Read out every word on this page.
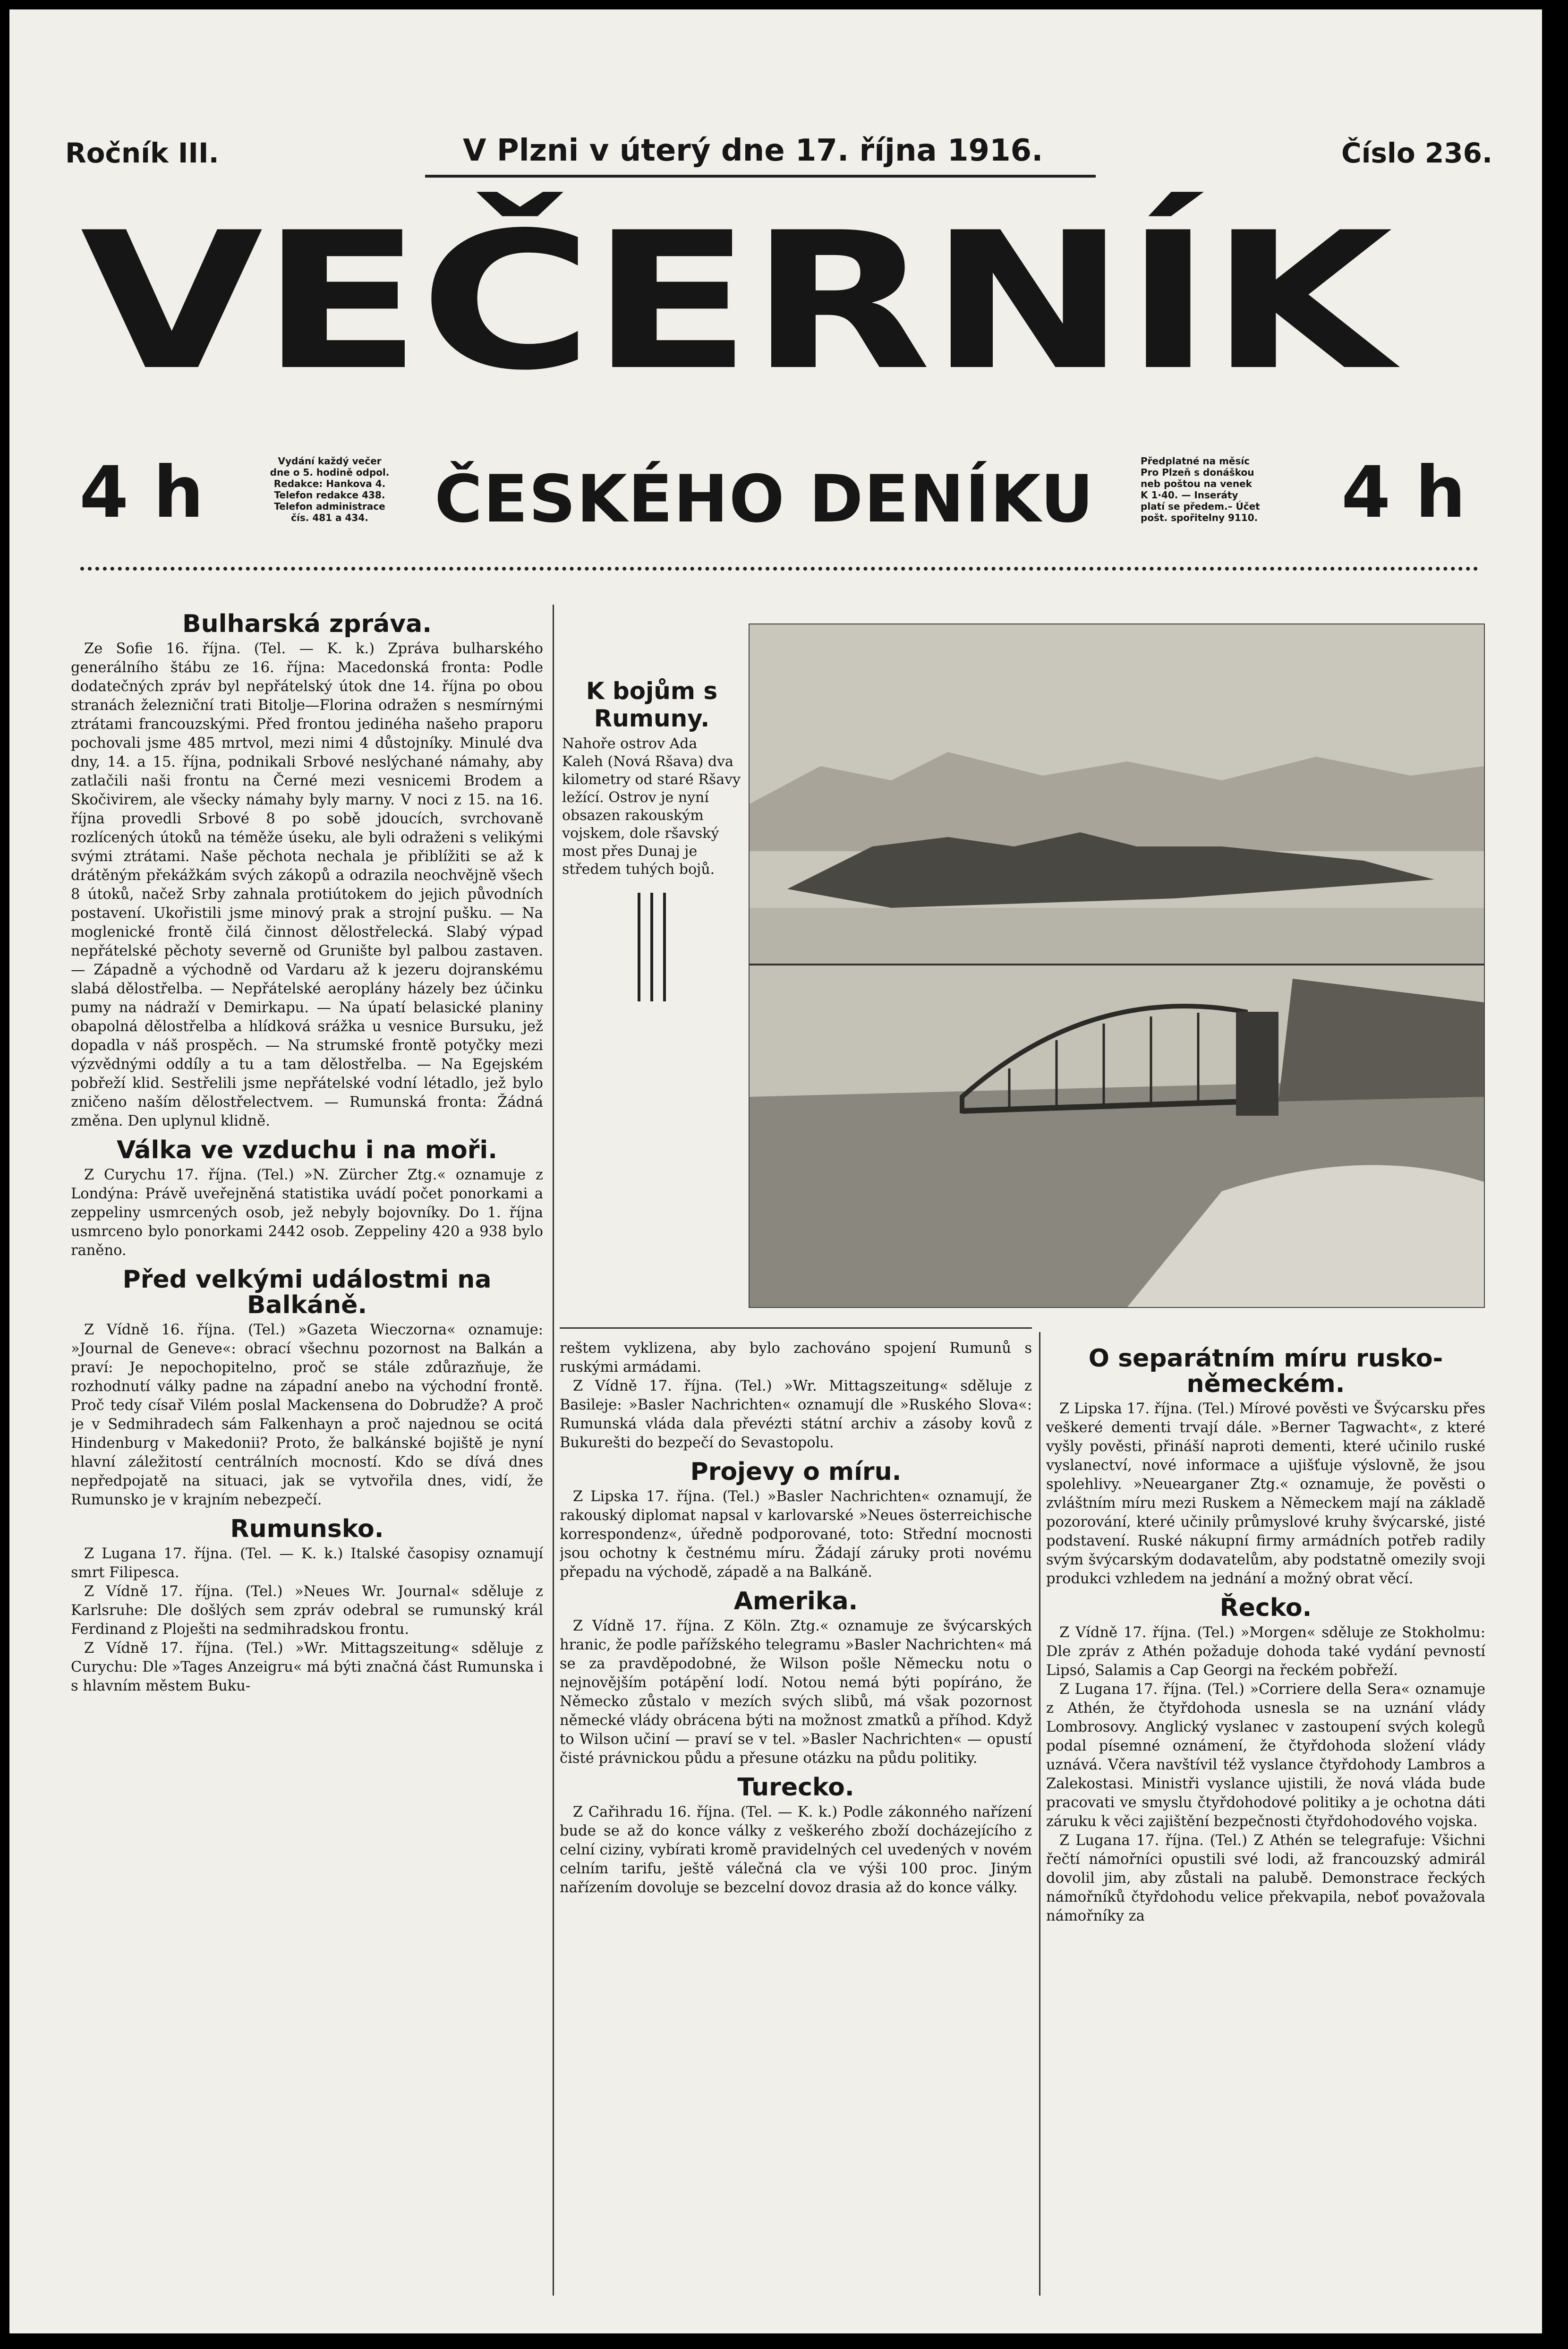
Ročník III.	V Plzni v úterý dne 17. října 1916.	Číslo 236.
VEČERNÍK
4 h	Vydání každý večer
dne o 5. hodině odpol.
Redakce: Hankova 4.
Telefon redakce 438.
Telefon administrace
čís. 481 a 434.	ČESKÉHO DENÍKU	Předplatné na měsíc
Pro Plzeň s donáškou
neb poštou na venek
K 1·40. — Inseráty
platí se předem.– Účet
pošt. spořitelny 9110.	4 h
Bulharská zpráva.

Ze Sofie 16. října. (Tel. — K. k.) Zpráva bulharského generálního štábu ze 16. října: Macedonská fronta: Podle dodatečných zpráv byl nepřátelský útok dne 14. října po obou stranách železniční trati Bitolje—Florina odražen s nesmírnými ztrátami francouzskými. Před frontou jedinéha našeho praporu pochovali jsme 485 mrtvol, mezi nimi 4 důstojníky. Minulé dva dny, 14. a 15. října, podnikali Srbové neslýchané námahy, aby zatlačili naši frontu na Černé mezi vesnicemi Brodem a Skočivirem, ale všecky námahy byly marny. V noci z 15. na 16. října provedli Srbové 8 po sobě jdoucích, svrchovaně rozlícených útoků na téměže úseku, ale byli odraženi s velikými svými ztrátami. Naše pěchota nechala je přiblížiti se až k drátěným překážkám svých zákopů a odrazila neochvějně všech 8 útoků, načež Srby zahnala protiútokem do jejich původních postavení. Ukořistili jsme minový prak a strojní pušku. — Na moglenické frontě čilá činnost dělostřelecká. Slabý výpad nepřátelské pěchoty severně od Grunište byl palbou zastaven. — Západně a východně od Vardaru až k jezeru dojranskému slabá dělostřelba. — Nepřátelské aeroplány házely bez účinku pumy na nádraží v Demirkapu. — Na úpatí belasické planiny obapolná dělostřelba a hlídková srážka u vesnice Bursuku, jež dopadla v náš prospěch. — Na strumské frontě potyčky mezi výzvědnými oddíly a tu a tam dělostřelba. — Na Egejském pobřeží klid. Sestřelili jsme nepřátelské vodní létadlo, jež bylo zničeno naším dělostřelectvem. — Rumunská fronta: Žádná změna. Den uplynul klidně.

Válka ve vzduchu i na moři.

Z Curychu 17. října. (Tel.) »N. Zürcher Ztg.« oznamuje z Londýna: Právě uveřejněná statistika uvádí počet ponorkami a zeppeliny usmrcených osob, jež nebyly bojovníky. Do 1. října usmrceno bylo ponorkami 2442 osob. Zeppeliny 420 a 938 bylo raněno.

Před velkými událostmi na Balkáně.

Z Vídně 16. října. (Tel.) »Gazeta Wieczorna« oznamuje: »Journal de Geneve«: obrací všechnu pozornost na Balkán a praví: Je nepochopitelno, proč se stále zdůrazňuje, že rozhodnutí války padne na západní anebo na východní frontě. Proč tedy císař Vilém poslal Mackensena do Dobrudže? A proč je v Sedmihradech sám Falkenhayn a proč najednou se ocitá Hindenburg v Makedonii? Proto, že balkánské bojiště je nyní hlavní záležitostí centrálních mocností. Kdo se dívá dnes nepředpojatě na situaci, jak se vytvořila dnes, vidí, že Rumunsko je v krajním nebezpečí.

Rumunsko.

Z Lugana 17. října. (Tel. — K. k.) Italské časopisy oznamují smrt Filipesca.

Z Vídně 17. října. (Tel.) »Neues Wr. Journal« sděluje z Karlsruhe: Dle došlých sem zpráv odebral se rumunský král Ferdinand z Ploješti na sedmihradskou frontu.

Z Vídně 17. října. (Tel.) »Wr. Mittagszeitung« sděluje z Curychu: Dle »Tages Anzeigru« má býti značná část Rumunska i s hlavním městem Buku-

K bojům s Rumuny.
Nahoře ostrov Ada Kaleh (Nová Ršava) dva kilometry od staré Ršavy ležící. Ostrov je nyní obsazen rakouským vojskem, dole ršavský most přes Dunaj je středem tuhých bojů.

reštem vyklizena, aby bylo zachováno spojení Rumunů s ruskými armádami.

Z Vídně 17. října. (Tel.) »Wr. Mittagszeitung« sděluje z Basileje: »Basler Nachrichten« oznamují dle »Ruského Slova«: Rumunská vláda dala převézti státní archiv a zásoby kovů z Bukurešti do bezpečí do Sevastopolu.

Projevy o míru.

Z Lipska 17. října. (Tel.) »Basler Nachrichten« oznamují, že rakouský diplomat napsal v karlovarské »Neues österreichische korrespondenz«, úředně podporované, toto: Střední mocnosti jsou ochotny k čestnému míru. Žádají záruky proti novému přepadu na východě, západě a na Balkáně.

Amerika.

Z Vídně 17. října. Z Köln. Ztg.« oznamuje ze švýcarských hranic, že podle pařížského telegramu »Basler Nachrichten« má se za pravděpodobné, že Wilson pošle Německu notu o nejnovějším potápění lodí. Notou nemá býti popíráno, že Německo zůstalo v mezích svých slibů, má však pozornost německé vlády obrácena býti na možnost zmatků a příhod. Když to Wilson učiní — praví se v tel. »Basler Nachrichten« — opustí čisté právnickou půdu a přesune otázku na půdu politiky.

Turecko.

Z Cařihradu 16. října. (Tel. — K. k.) Podle zákonného nařízení bude se až do konce války z veškerého zboží docházejícího z celní ciziny, vybírati kromě pravidelných cel uvedených v novém celním tarifu, ještě válečná cla ve výši 100 proc. Jiným nařízením dovoluje se bezcelní dovoz drasia až do konce války.

O separátním míru rusko-německém.

Z Lipska 17. října. (Tel.) Mírové pověsti ve Švýcarsku přes veškeré dementi trvají dále. »Berner Tagwacht«, z které vyšly pověsti, přináší naproti dementi, které učinilo ruské vyslanectví, nové informace a ujišťuje výslovně, že jsou spolehlivy. »Neuearganer Ztg.« oznamuje, že pověsti o zvláštním míru mezi Ruskem a Německem mají na základě pozorování, které učinily průmyslové kruhy švýcarské, jisté podstavení. Ruské nákupní firmy armádních potřeb radily svým švýcarským dodavatelům, aby podstatně omezily svoji produkci vzhledem na jednání a možný obrat věcí.

Řecko.

Z Vídně 17. října. (Tel.) »Morgen« sděluje ze Stokholmu: Dle zpráv z Athén požaduje dohoda také vydání pevností Lipsó, Salamis a Cap Georgi na řeckém pobřeží.

Z Lugana 17. října. (Tel.) »Corriere della Sera« oznamuje z Athén, že čtyřdohoda usnesla se na uznání vlády Lombrosovy. Anglický vyslanec v zastoupení svých kolegů podal písemné oznámení, že čtyřdohoda složení vlády uznává. Včera navštívil též vyslance čtyřdohody Lambros a Zalekostasi. Ministři vyslance ujistili, že nová vláda bude pracovati ve smyslu čtyřdohodové politiky a je ochotna dáti záruku k věci zajištění bezpečnosti čtyřdohodového vojska.

Z Lugana 17. října. (Tel.) Z Athén se telegrafuje: Všichni řečtí námořníci opustili své lodi, až francouzský admirál dovolil jim, aby zůstali na palubě. Demonstrace řeckých námořníků čtyřdohodu velice překvapila, neboť považovala námořníky za
